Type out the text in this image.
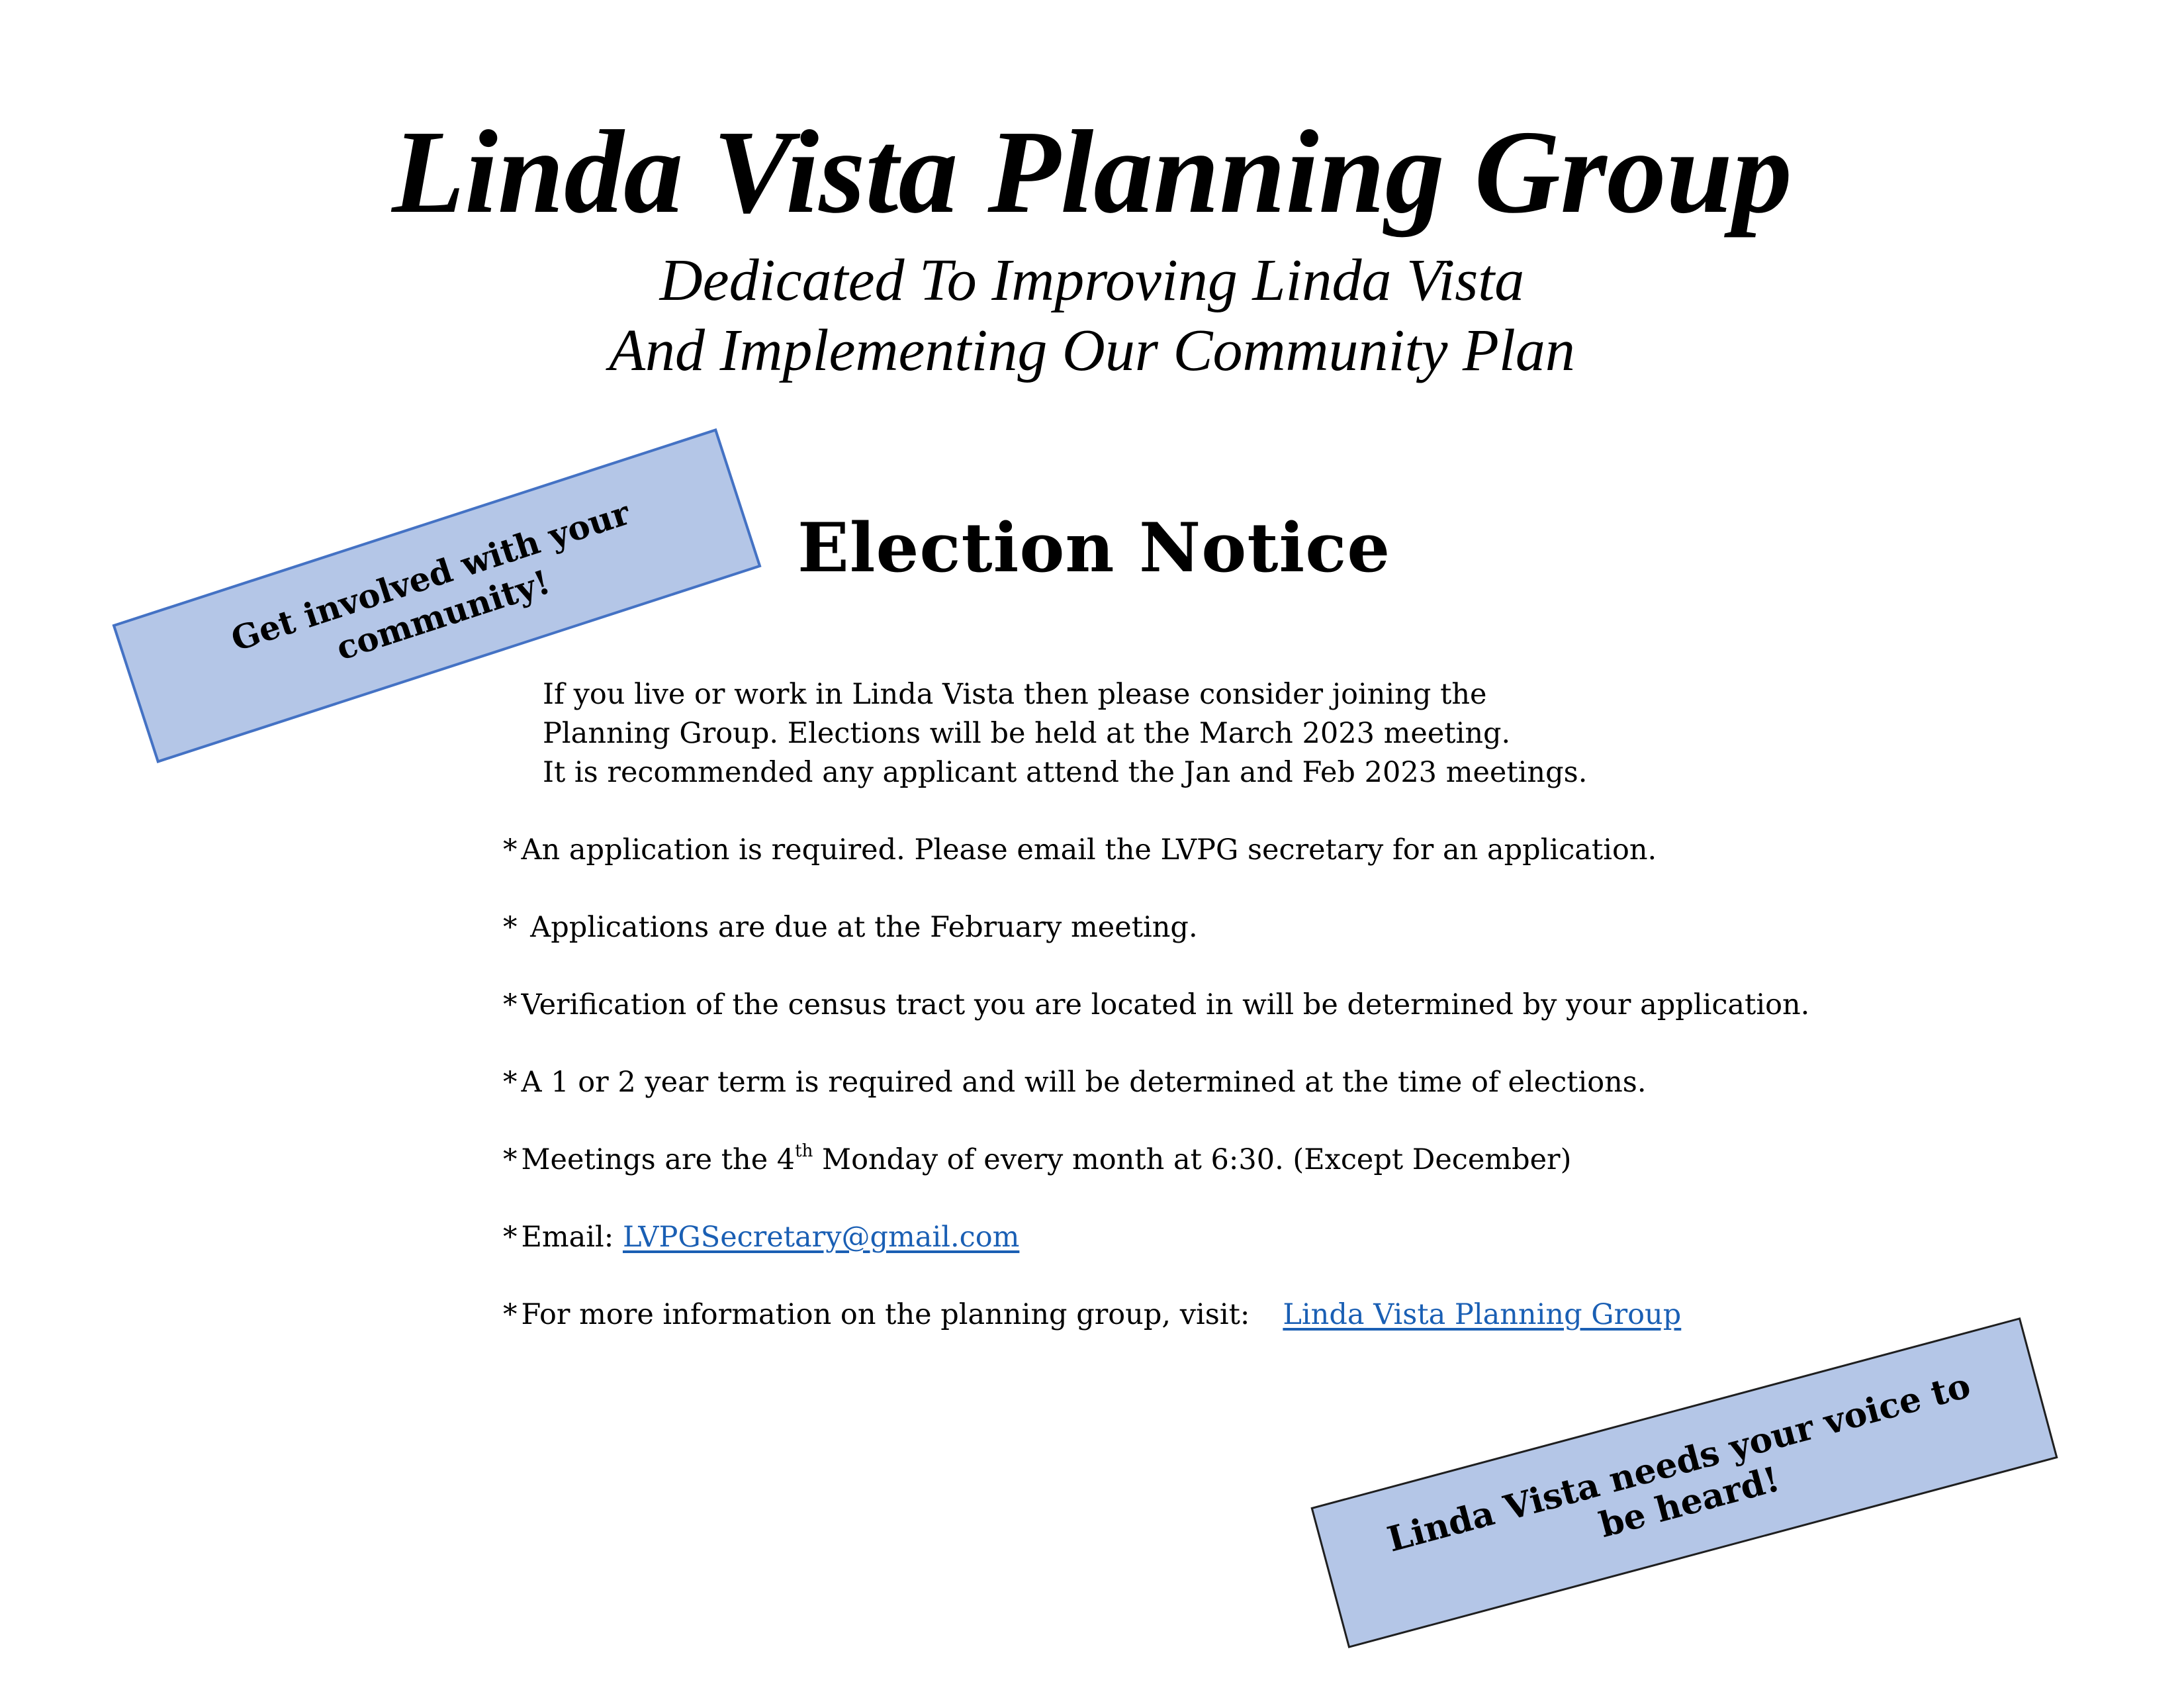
Linda Vista Planning Group
Dedicated To Improving Linda Vista
And Implementing Our Community Plan
Get involved with your community!
Election Notice
If you live or work in Linda Vista then please consider joining the
Planning Group. Elections will be held at the March 2023 meeting.
It is recommended any applicant attend the Jan and Feb 2023 meetings.
* An application is required. Please email the LVPG secretary for an application.
* Applications are due at the February meeting.
* Verification of the census tract you are located in will be determined by your application.
* A 1 or 2 year term is required and will be determined at the time of elections.
* Meetings are the 4th Monday of every month at 6:30. (Except December)
* Email: LVPGSecretary@gmail.com
* For more information on the planning group, visit: Linda Vista Planning Group
Linda Vista needs your voice to be heard!
